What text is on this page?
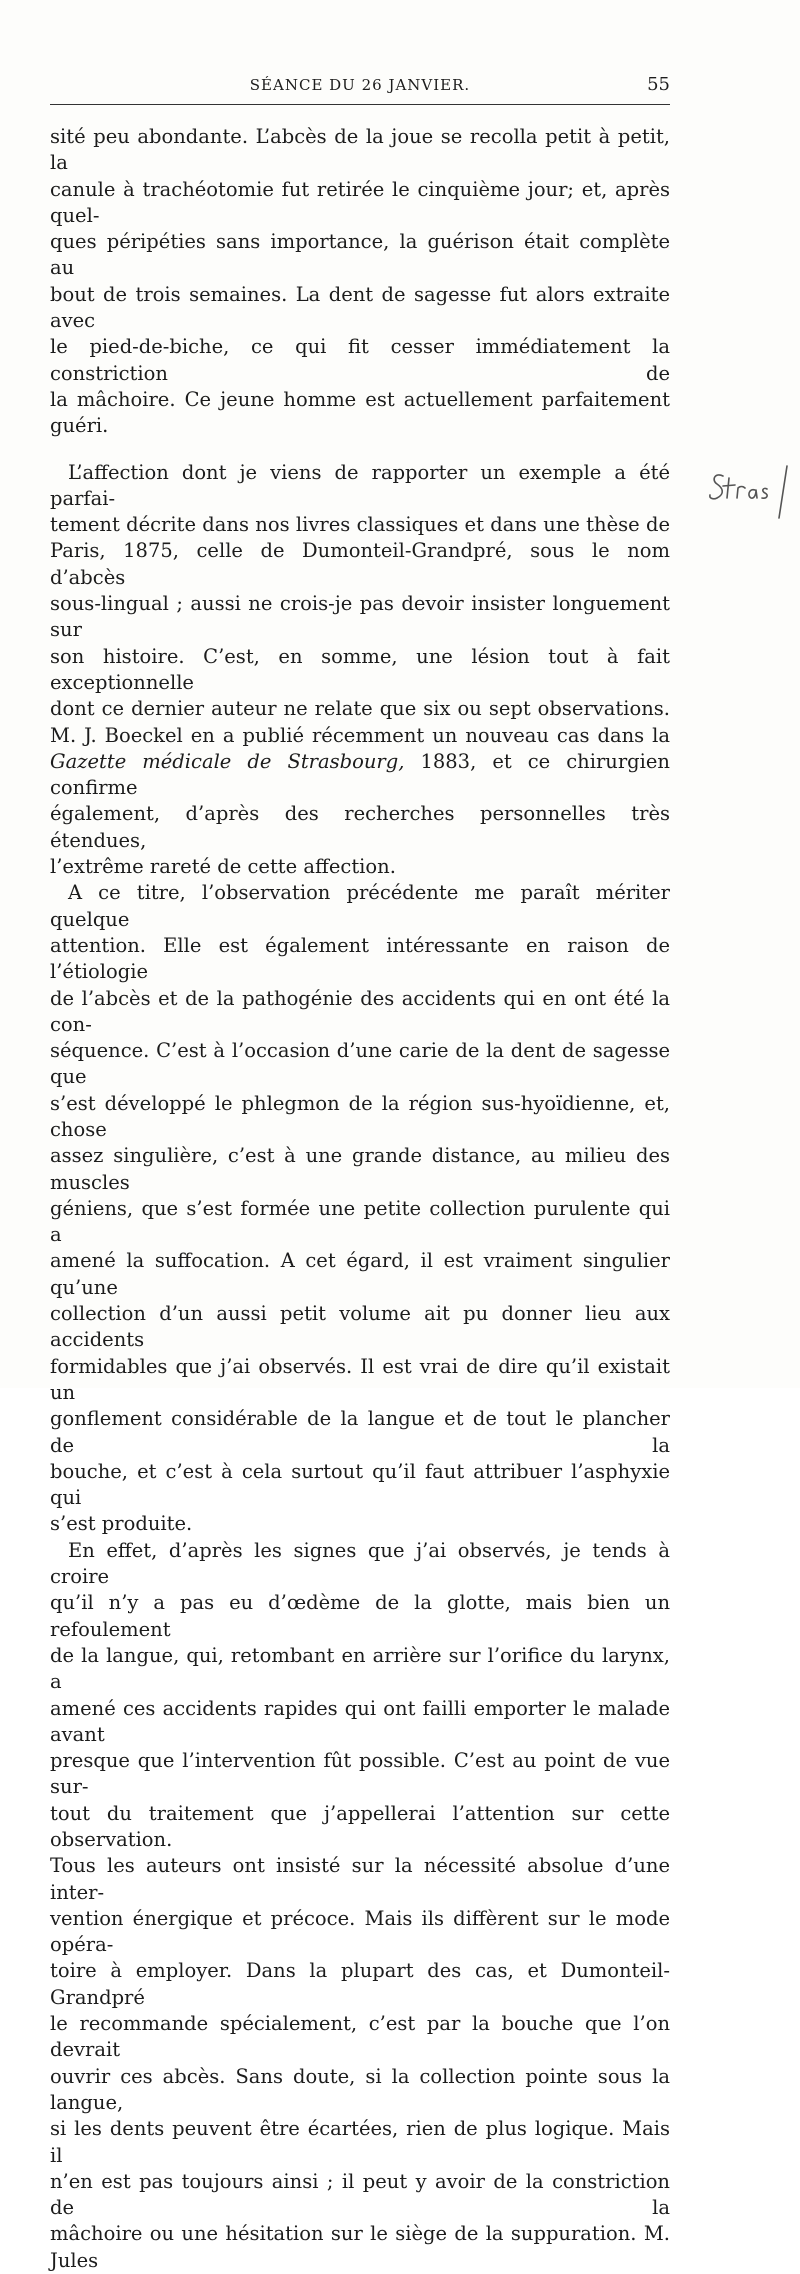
SÉANCE DU 26 JANVIER.	55

sité peu abondante. L’abcès de la joue se recolla petit à petit, la

canule à trachéotomie fut retirée le cinquième jour; et, après quel-

ques péripéties sans importance, la guérison était complète au

bout de trois semaines. La dent de sagesse fut alors extraite avec

le pied-de-biche, ce qui fit cesser immédiatement la constriction de

la mâchoire. Ce jeune homme est actuellement parfaitement guéri.

L’affection dont je viens de rapporter un exemple a été parfai-

tement décrite dans nos livres classiques et dans une thèse de

Paris, 1875, celle de Dumonteil-Grandpré, sous le nom d’abcès

sous-lingual ; aussi ne crois-je pas devoir insister longuement sur

son histoire. C’est, en somme, une lésion tout à fait exceptionnelle

dont ce dernier auteur ne relate que six ou sept observations.

M. J. Boeckel en a publié récemment un nouveau cas dans la

Gazette médicale de Strasbourg, 1883, et ce chirurgien confirme

également, d’après des recherches personnelles très étendues,

l’extrême rareté de cette affection.

A ce titre, l’observation précédente me paraît mériter quelque

attention. Elle est également intéressante en raison de l’étiologie

de l’abcès et de la pathogénie des accidents qui en ont été la con-

séquence. C’est à l’occasion d’une carie de la dent de sagesse que

s’est développé le phlegmon de la région sus-hyoïdienne, et, chose

assez singulière, c’est à une grande distance, au milieu des muscles

géniens, que s’est formée une petite collection purulente qui a

amené la suffocation. A cet égard, il est vraiment singulier qu’une

collection d’un aussi petit volume ait pu donner lieu aux accidents

formidables que j’ai observés. Il est vrai de dire qu’il existait un

gonflement considérable de la langue et de tout le plancher de la

bouche, et c’est à cela surtout qu’il faut attribuer l’asphyxie qui

s’est produite.

En effet, d’après les signes que j’ai observés, je tends à croire

qu’il n’y a pas eu d’œdème de la glotte, mais bien un refoulement

de la langue, qui, retombant en arrière sur l’orifice du larynx, a

amené ces accidents rapides qui ont failli emporter le malade avant

presque que l’intervention fût possible. C’est au point de vue sur-

tout du traitement que j’appellerai l’attention sur cette observation.

Tous les auteurs ont insisté sur la nécessité absolue d’une inter-

vention énergique et précoce. Mais ils diffèrent sur le mode opéra-

toire à employer. Dans la plupart des cas, et Dumonteil-Grandpré

le recommande spécialement, c’est par la bouche que l’on devrait

ouvrir ces abcès. Sans doute, si la collection pointe sous la langue,

si les dents peuvent être écartées, rien de plus logique. Mais il

n’en est pas toujours ainsi ; il peut y avoir de la constriction de la

mâchoire ou une hésitation sur le siège de la suppuration. M. Jules
